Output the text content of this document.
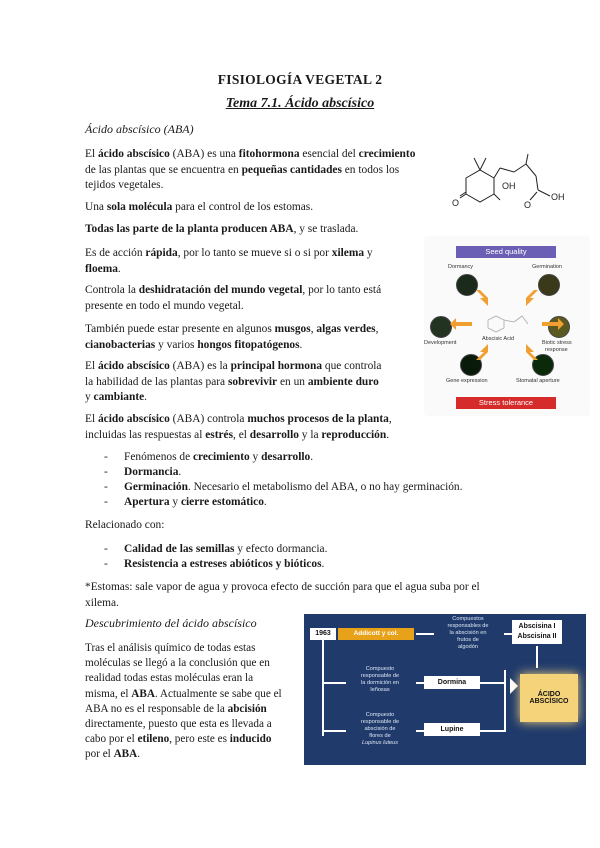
FISIOLOGÍA VEGETAL 2
Tema 7.1. Ácido abscísico
Ácido abscísico (ABA)
El ácido abscísico (ABA) es una fitohormona esencial del crecimiento
de las plantas que se encuentra en pequeñas cantidades en todos los
tejidos vegetales.	OH
O	O
OH
Una sola molécula para el control de los estomas.
Todas las parte de la planta producen ABA, y se traslada.
Es de acción rápida, por lo tanto se mueve si o si por xilema y
floema.
Controla la deshidratación del mundo vegetal, por lo tanto está
presente en todo el mundo vegetal.
También puede estar presente en algunos musgos, algas verdes,
cianobacterias y varios hongos fitopatógenos.
El ácido abscísico (ABA) es la principal hormona que controla
la habilidad de las plantas para sobrevivir en un ambiente duro
y cambiante.
El ácido abscísico (ABA) controla muchos procesos de la planta,
incluidas las respuestas al estrés, el desarrollo y la reproducción.
- Fenómenos de crecimiento y desarrollo.
- Dormancia.
- Germinación. Necesario el metabolismo del ABA, o no hay germinación.
- Apertura y cierre estomático.
Relacionado con:
- Calidad de las semillas y efecto dormancia.
- Resistencia a estreses abióticos y bióticos.
*Estomas: sale vapor de agua y provoca efecto de succión para que el agua suba por el
xilema.
Descubrimiento del ácido abscísico
Tras el análisis químico de todas estas
moléculas se llegó a la conclusión que en
realidad todas estas moléculas eran la
misma, el ABA. Actualmente se sabe que el
ABA no es el responsable de la abcisión
directamente, puesto que esta es llevada a
cabo por el etileno, pero este es inducido
por el ABA.
Seed quality
Dormancy	Germination
Abscisic Acid
Development	Biotic stress
response
Gene expression	Stomatal aperture
Stress tolerance
1963	Addicott y col.
Compuestos
responsables de
la abscisión en
frutos de
algodón
Abscisina I
Abscisina II
Compuesto
responsable de
la dormición en
leñosas
Dormina
Compuesto
responsable de
abscisión de
flores de
Lupinus luteus
Lupine
ÁCIDO
ABSCÍSICO
